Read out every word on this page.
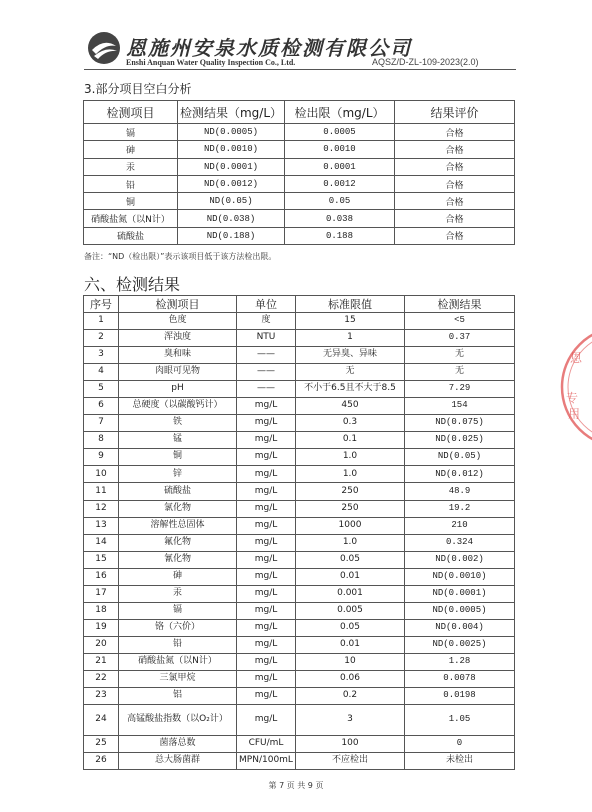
恩施州安泉水质检测有限公司
Enshi Anquan Water Quality Inspection Co., Ltd.	AQSZ/D-ZL-109-2023(2.0)
3.部分项目空白分析
检测项目	检测结果（mg/L）	检出限（mg/L）	结果评价
镉	ND(0.0005)	0.0005	合格
砷	ND(0.0010)	0.0010	合格
汞	ND(0.0001)	0.0001	合格
铅	ND(0.0012)	0.0012	合格
铜	ND(0.05)	0.05	合格
硝酸盐氮（以N计）	ND(0.038)	0.038	合格
硫酸盐	ND(0.188)	0.188	合格
备注：“ND（检出限）”表示该项目低于该方法检出限。
六、检测结果
序号	检测项目	单位	标准限值	检测结果
1	色度	度	15	<5
2	浑浊度	NTU	1	0.37
3	臭和味	——	无异臭、异味	无
4	肉眼可见物	——	无	无
5	pH	——	不小于6.5且不大于8.5	7.29
6	总硬度（以碳酸钙计）	mg/L	450	154
7	铁	mg/L	0.3	ND(0.075)
8	锰	mg/L	0.1	ND(0.025)
9	铜	mg/L	1.0	ND(0.05)
10	锌	mg/L	1.0	ND(0.012)
11	硫酸盐	mg/L	250	48.9
12	氯化物	mg/L	250	19.2
13	溶解性总固体	mg/L	1000	210
14	氟化物	mg/L	1.0	0.324
15	氰化物	mg/L	0.05	ND(0.002)
16	砷	mg/L	0.01	ND(0.0010)
17	汞	mg/L	0.001	ND(0.0001)
18	镉	mg/L	0.005	ND(0.0005)
19	铬（六价）	mg/L	0.05	ND(0.004)
20	铅	mg/L	0.01	ND(0.0025)
21	硝酸盐氮（以N计）	mg/L	10	1.28
22	三氯甲烷	mg/L	0.06	0.0078
23	铝	mg/L	0.2	0.0198
24	高锰酸盐指数（以O₂计）	mg/L	3	1.05
25	菌落总数	CFU/mL	100	0
26	总大肠菌群	MPN/100mL	不应检出	未检出
第 7 页 共 9 页
恩
专
用
